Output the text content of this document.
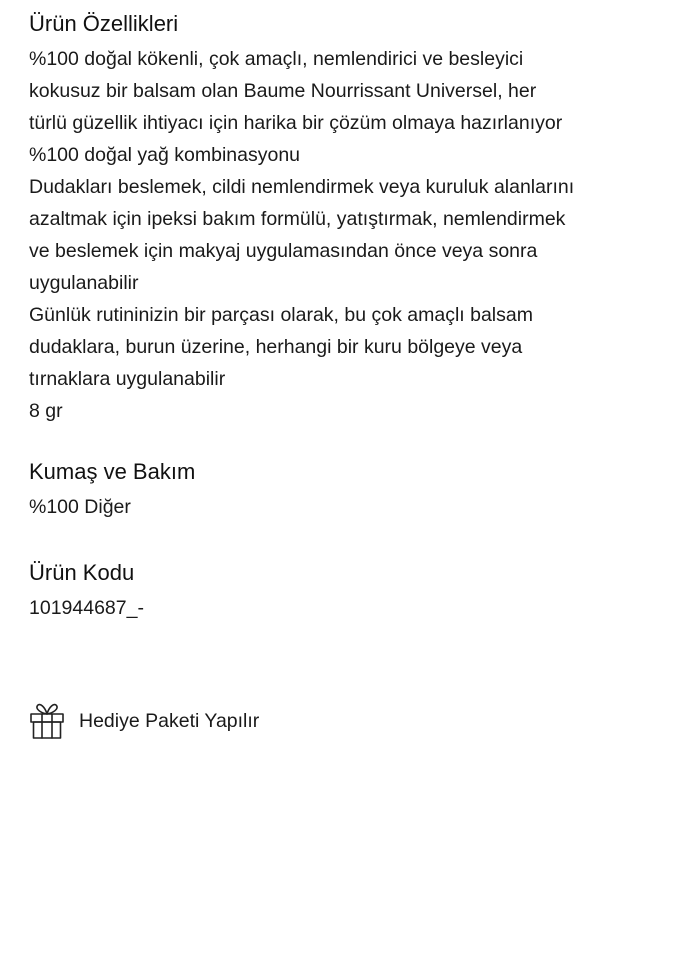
Ürün Özellikleri
%100 doğal kökenli, çok amaçlı, nemlendirici ve besleyici
kokusuz bir balsam olan Baume Nourrissant Universel, her
türlü güzellik ihtiyacı için harika bir çözüm olmaya hazırlanıyor
%100 doğal yağ kombinasyonu
Dudakları beslemek, cildi nemlendirmek veya kuruluk alanlarını
azaltmak için ipeksi bakım formülü, yatıştırmak, nemlendirmek
ve beslemek için makyaj uygulamasından önce veya sonra
uygulanabilir
Günlük rutininizin bir parçası olarak, bu çok amaçlı balsam
dudaklara, burun üzerine, herhangi bir kuru bölgeye veya
tırnaklara uygulanabilir
8 gr
Kumaş ve Bakım
%100 Diğer
Ürün Kodu
101944687_-
Hediye Paketi Yapılır
